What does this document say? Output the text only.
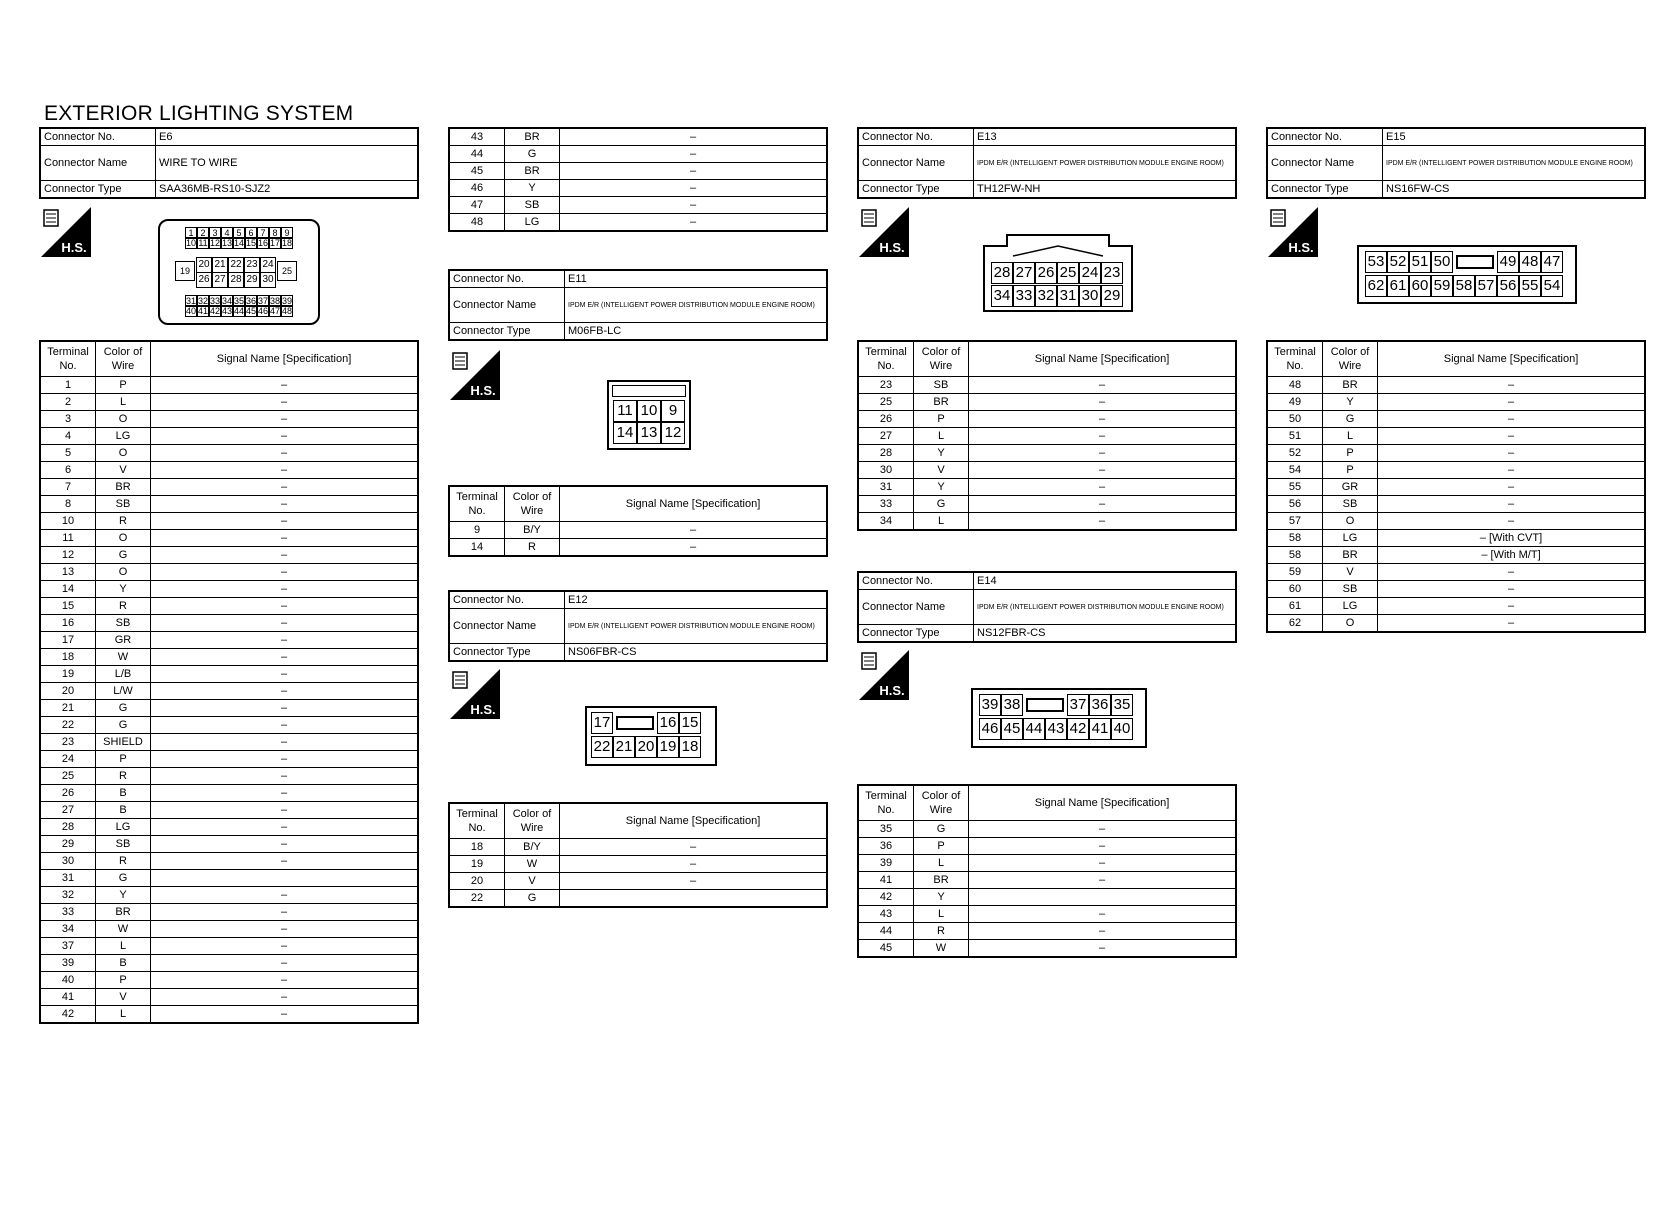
EXTERIOR LIGHTING SYSTEM
Connector No.	E6
Connector Name	WIRE TO WIRE
Connector Type	SAA36MB-RS10-SJZ2
H.S.
1 2 3 4 5 6 7 8 9
10 11 12 13 14 15 16 17 18
19
20 21 22 23 24
26 27 28 29 30
25
31 32 33 34 35 36 37 38 39
40 41 42 43 44 45 46 47 48
Terminal No.	Color of Wire	Signal Name [Specification]
1	P	–
2	L	–
3	O	–
4	LG	–
5	O	–
6	V	–
7	BR	–
8	SB	–
10	R	–
11	O	–
12	G	–
13	O	–
14	Y	–
15	R	–
16	SB	–
17	GR	–
18	W	–
19	L/B	–
20	L/W	–
21	G	–
22	G	–
23	SHIELD	–
24	P	–
25	R	–
26	B	–
27	B	–
28	LG	–
29	SB	–
30	R	–
31	G	
32	Y	–
33	BR	–
34	W	–
37	L	–
39	B	–
40	P	–
41	V	–
42	L	–
43	BR	–
44	G	–
45	BR	–
46	Y	–
47	SB	–
48	LG	–
Connector No.	E11
Connector Name	IPDM E/R (INTELLIGENT POWER DISTRIBUTION MODULE ENGINE ROOM)
Connector Type	M06FB-LC
H.S.
11 10 9
14 13 12
Terminal No.	Color of Wire	Signal Name [Specification]
9	B/Y	–
14	R	–
Connector No.	E12
Connector Name	IPDM E/R (INTELLIGENT POWER DISTRIBUTION MODULE ENGINE ROOM)
Connector Type	NS06FBR-CS
H.S.
17	16 15
22 21 20 19 18
Terminal No.	Color of Wire	Signal Name [Specification]
18	B/Y	–
19	W	–
20	V	–
22	G	
Connector No.	E13
Connector Name	IPDM E/R (INTELLIGENT POWER DISTRIBUTION MODULE ENGINE ROOM)
Connector Type	TH12FW-NH
H.S.
28 27 26 25 24 23
34 33 32 31 30 29
Terminal No.	Color of Wire	Signal Name [Specification]
23	SB	–
25	BR	–
26	P	–
27	L	–
28	Y	–
30	V	–
31	Y	–
33	G	–
34	L	–
Connector No.	E14
Connector Name	IPDM E/R (INTELLIGENT POWER DISTRIBUTION MODULE ENGINE ROOM)
Connector Type	NS12FBR-CS
H.S.
39 38	37 36 35
46 45 44 43 42 41 40
Terminal No.	Color of Wire	Signal Name [Specification]
35	G	–
36	P	–
39	L	–
41	BR	–
42	Y	
43	L	–
44	R	–
45	W	–
Connector No.	E15
Connector Name	IPDM E/R (INTELLIGENT POWER DISTRIBUTION MODULE ENGINE ROOM)
Connector Type	NS16FW-CS
H.S.
53 52 51 50	49 48 47
62 61 60 59 58 57 56 55 54
Terminal No.	Color of Wire	Signal Name [Specification]
48	BR	–
49	Y	–
50	G	–
51	L	–
52	P	–
54	P	–
55	GR	–
56	SB	–
57	O	–
58	LG	– [With CVT]
58	BR	– [With M/T]
59	V	–
60	SB	–
61	LG	–
62	O	–
